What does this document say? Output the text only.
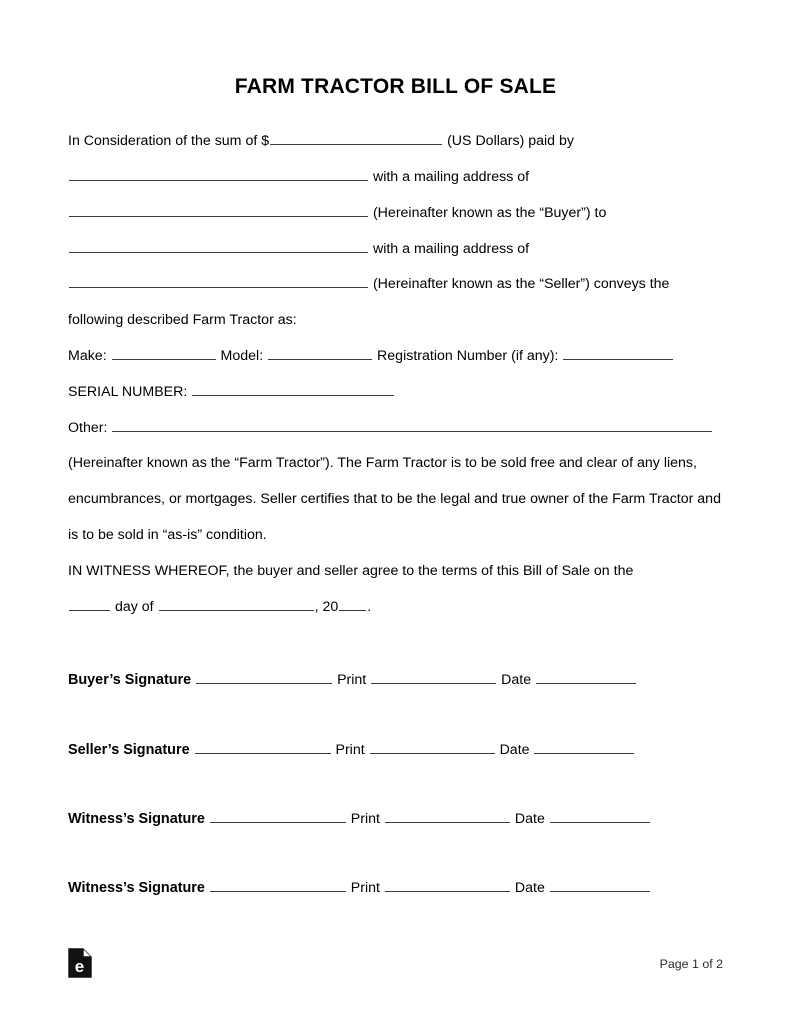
FARM TRACTOR BILL OF SALE
In Consideration of the sum of $	(US Dollars) paid by
with a mailing address of
(Hereinafter known as the “Buyer”) to
with a mailing address of
(Hereinafter known as the “Seller”) conveys the
following described Farm Tractor as:
Make:	Model:	Registration Number (if any):
SERIAL NUMBER:
Other:
(Hereinafter known as the “Farm Tractor”). The Farm Tractor is to be sold free and clear of any liens, encumbrances, or mortgages. Seller certifies that to be the legal and true owner of the Farm Tractor and is to be sold in “as-is” condition.
IN WITNESS WHEREOF, the buyer and seller agree to the terms of this Bill of Sale on the
day of	, 20 .
Buyer’s Signature	Print	Date
Seller’s Signature	Print	Date
Witness’s Signature	Print	Date
Witness’s Signature	Print	Date
e	Page 1 of 2
